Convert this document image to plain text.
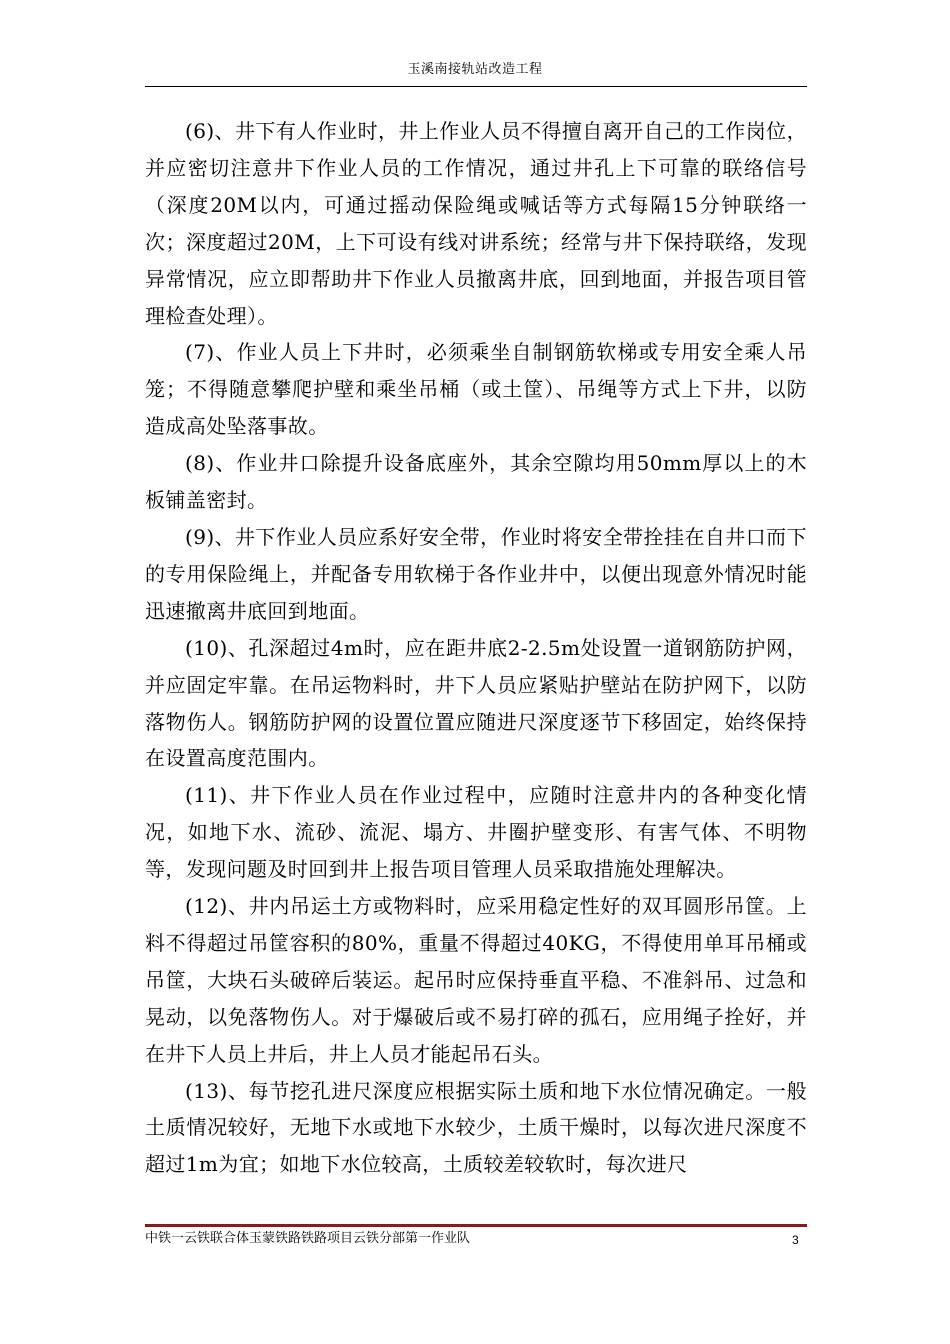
玉溪南接轨站改造工程

(6)、井下有人作业时，井上作业人员不得擅自离开自己的工作岗位，并应密切注意井下作业人员的工作情况，通过井孔上下可靠的联络信号（深度20M以内，可通过摇动保险绳或喊话等方式每隔15分钟联络一次；深度超过20M，上下可设有线对讲系统；经常与井下保持联络，发现异常情况，应立即帮助井下作业人员撤离井底，回到地面，并报告项目管理检查处理）。

(7)、作业人员上下井时，必须乘坐自制钢筋软梯或专用安全乘人吊笼；不得随意攀爬护壁和乘坐吊桶（或土筐）、吊绳等方式上下井，以防造成高处坠落事故。

(8)、作业井口除提升设备底座外，其余空隙均用50mm厚以上的木板铺盖密封。

(9)、井下作业人员应系好安全带，作业时将安全带拴挂在自井口而下的专用保险绳上，并配备专用软梯于各作业井中，以便出现意外情况时能迅速撤离井底回到地面。

(10)、孔深超过4m时，应在距井底2-2.5m处设置一道钢筋防护网，并应固定牢靠。在吊运物料时，井下人员应紧贴护壁站在防护网下，以防落物伤人。钢筋防护网的设置位置应随进尺深度逐节下移固定，始终保持在设置高度范围内。

(11)、井下作业人员在作业过程中，应随时注意井内的各种变化情况，如地下水、流砂、流泥、塌方、井圈护壁变形、有害气体、不明物等，发现问题及时回到井上报告项目管理人员采取措施处理解决。

(12)、井内吊运土方或物料时，应采用稳定性好的双耳圆形吊筐。上料不得超过吊筐容积的80%，重量不得超过40KG，不得使用单耳吊桶或吊筐，大块石头破碎后装运。起吊时应保持垂直平稳、不准斜吊、过急和晃动，以免落物伤人。对于爆破后或不易打碎的孤石，应用绳子拴好，并在井下人员上井后，井上人员才能起吊石头。

(13)、每节挖孔进尺深度应根据实际土质和地下水位情况确定。一般土质情况较好，无地下水或地下水较少，土质干燥时，以每次进尺深度不超过1m为宜；如地下水位较高，土质较差较软时，每次进尺

中铁一云铁联合体玉蒙铁路铁路项目云铁分部第一作业队	3
